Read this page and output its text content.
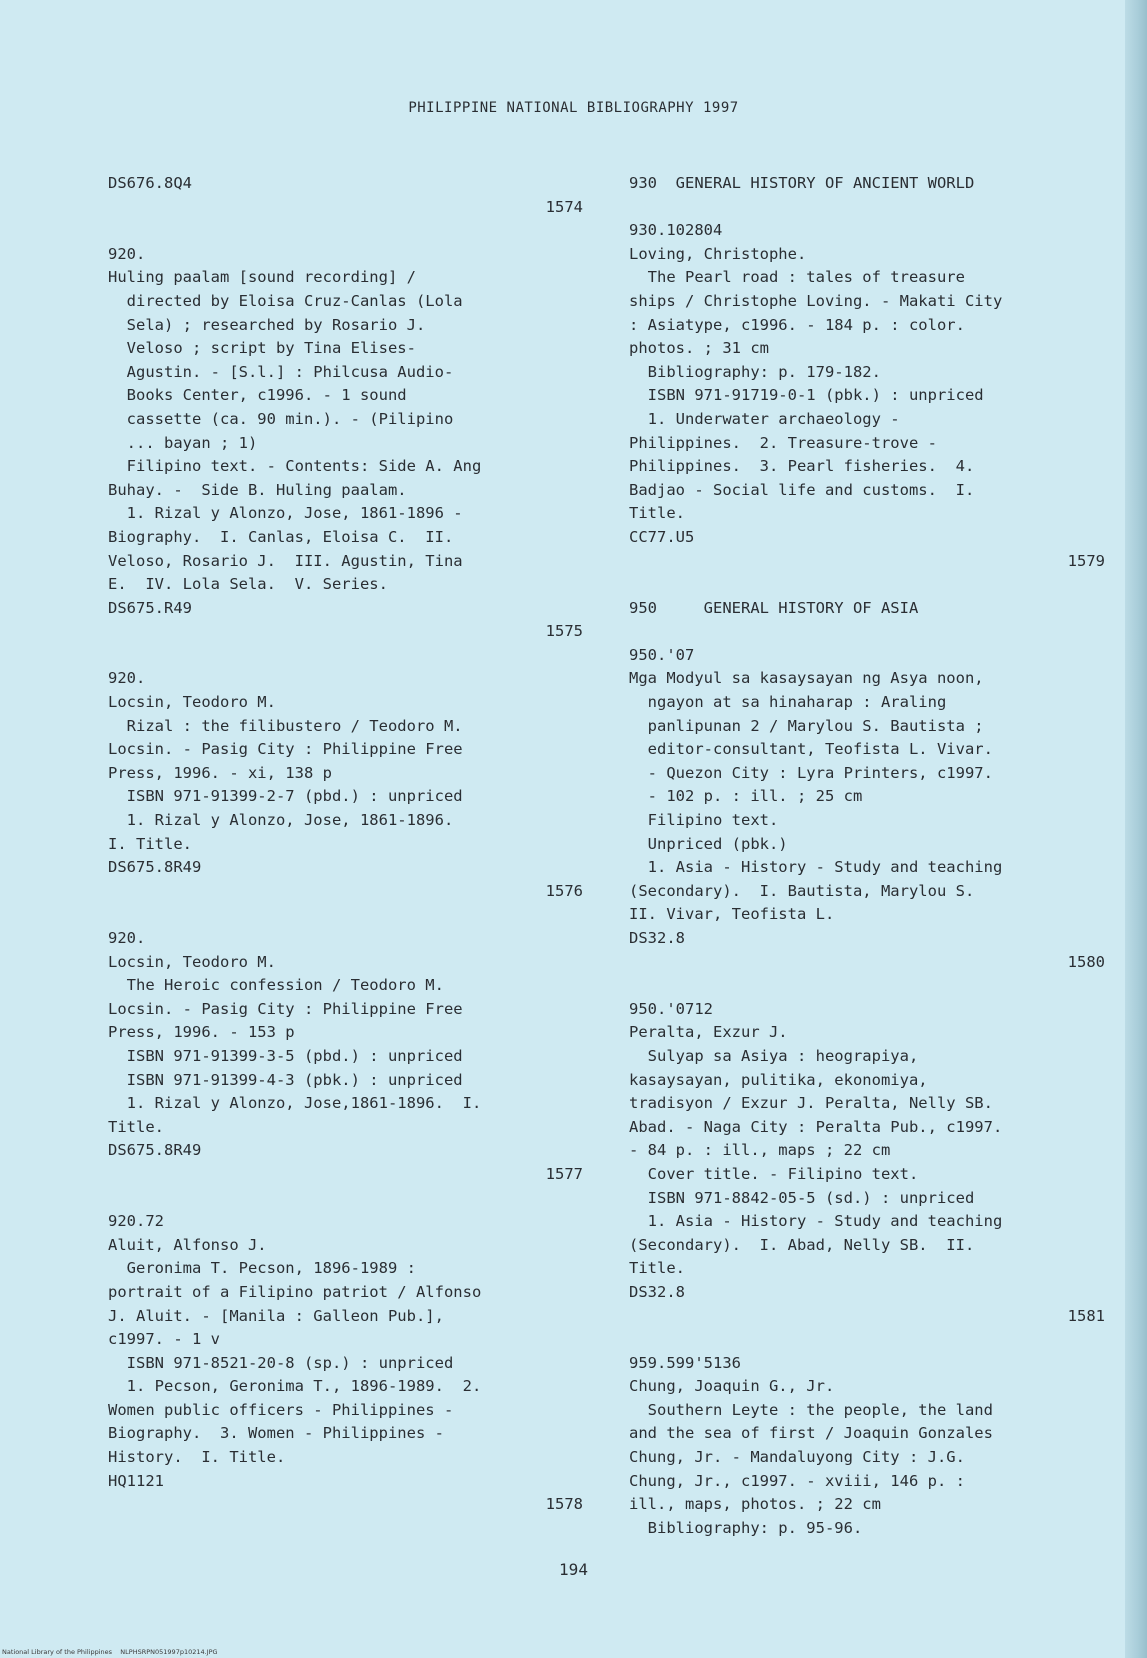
PHILIPPINE NATIONAL BIBLIOGRAPHY 1997
DS676.8Q4
1574
920.
Huling paalam [sound recording] /
directed by Eloisa Cruz-Canlas (Lola
Sela) ; researched by Rosario J.
Veloso ; script by Tina Elises-
Agustin. - [S.l.] : Philcusa Audio-
Books Center, c1996. - 1 sound
cassette (ca. 90 min.). - (Pilipino
... bayan ; 1)
Filipino text. - Contents: Side A. Ang
Buhay. -  Side B. Huling paalam.
1. Rizal y Alonzo, Jose, 1861-1896 -
Biography.  I. Canlas, Eloisa C.  II.
Veloso, Rosario J.  III. Agustin, Tina
E.  IV. Lola Sela.  V. Series.
DS675.R49
1575
920.
Locsin, Teodoro M.
Rizal : the filibustero / Teodoro M.
Locsin. - Pasig City : Philippine Free
Press, 1996. - xi, 138 p
ISBN 971-91399-2-7 (pbd.) : unpriced
1. Rizal y Alonzo, Jose, 1861-1896.
I. Title.
DS675.8R49
1576
920.
Locsin, Teodoro M.
The Heroic confession / Teodoro M.
Locsin. - Pasig City : Philippine Free
Press, 1996. - 153 p
ISBN 971-91399-3-5 (pbd.) : unpriced
ISBN 971-91399-4-3 (pbk.) : unpriced
1. Rizal y Alonzo, Jose,1861-1896.  I.
Title.
DS675.8R49
1577
920.72
Aluit, Alfonso J.
Geronima T. Pecson, 1896-1989 :
portrait of a Filipino patriot / Alfonso
J. Aluit. - [Manila : Galleon Pub.],
c1997. - 1 v
ISBN 971-8521-20-8 (sp.) : unpriced
1. Pecson, Geronima T., 1896-1989.  2.
Women public officers - Philippines -
Biography.  3. Women - Philippines -
History.  I. Title.
HQ1121
1578
930  GENERAL HISTORY OF ANCIENT WORLD
930.102804
Loving, Christophe.
The Pearl road : tales of treasure
ships / Christophe Loving. - Makati City
: Asiatype, c1996. - 184 p. : color.
photos. ; 31 cm
Bibliography: p. 179-182.
ISBN 971-91719-0-1 (pbk.) : unpriced
1. Underwater archaeology -
Philippines.  2. Treasure-trove -
Philippines.  3. Pearl fisheries.  4.
Badjao - Social life and customs.  I.
Title.
CC77.U5
1579
950     GENERAL HISTORY OF ASIA
950.'07
Mga Modyul sa kasaysayan ng Asya noon,
ngayon at sa hinaharap : Araling
panlipunan 2 / Marylou S. Bautista ;
editor-consultant, Teofista L. Vivar.
- Quezon City : Lyra Printers, c1997.
- 102 p. : ill. ; 25 cm
Filipino text.
Unpriced (pbk.)
1. Asia - History - Study and teaching
(Secondary).  I. Bautista, Marylou S.
II. Vivar, Teofista L.
DS32.8
1580
950.'0712
Peralta, Exzur J.
Sulyap sa Asiya : heograpiya,
kasaysayan, pulitika, ekonomiya,
tradisyon / Exzur J. Peralta, Nelly SB.
Abad. - Naga City : Peralta Pub., c1997.
- 84 p. : ill., maps ; 22 cm
Cover title. - Filipino text.
ISBN 971-8842-05-5 (sd.) : unpriced
1. Asia - History - Study and teaching
(Secondary).  I. Abad, Nelly SB.  II.
Title.
DS32.8
1581
959.599'5136
Chung, Joaquin G., Jr.
Southern Leyte : the people, the land
and the sea of first / Joaquin Gonzales
Chung, Jr. - Mandaluyong City : J.G.
Chung, Jr., c1997. - xviii, 146 p. :
ill., maps, photos. ; 22 cm
Bibliography: p. 95-96.
194
National Library of the Philippines    NLPHSRPN051997p10214.JPG
